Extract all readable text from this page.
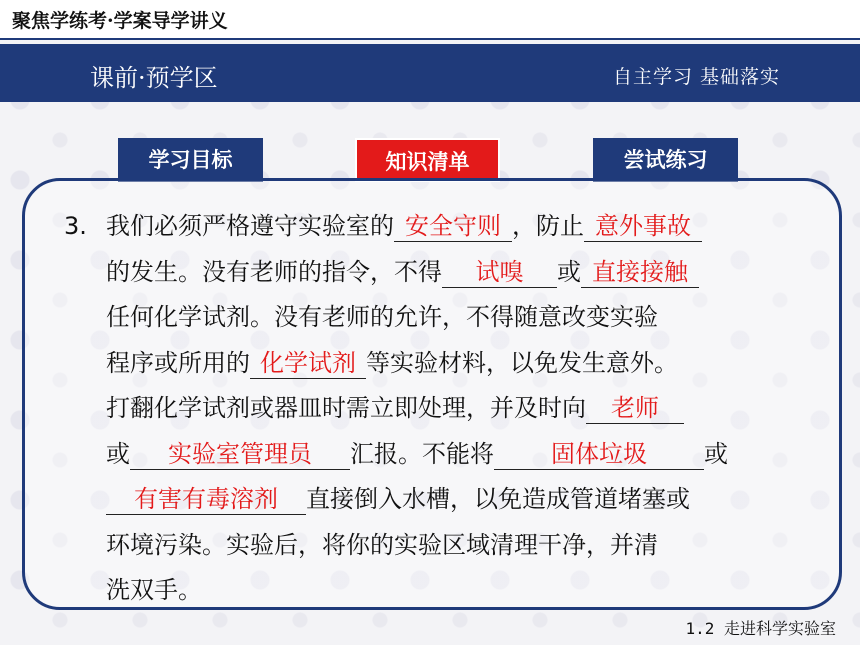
聚焦学练考·学案导学讲义
课前·预学区	自主学习 基础落实
学习目标	知识清单	尝试练习
3. 我们必须严格遵守实验室的 安全守则 ，防止 意外事故
的发生。没有老师的指令，不得 试嗅 或 直接接触
任何化学试剂。没有老师的允许，不得随意改变实验
程序或所用的 化学试剂 等实验材料，以免发生意外。
打翻化学试剂或器皿时需立即处理，并及时向 老师
或 实验室管理员 汇报。不能将 固体垃圾 或
有害有毒溶剂 直接倒入水槽，以免造成管道堵塞或
环境污染。实验后，将你的实验区域清理干净，并清
洗双手。
1.2 走进科学实验室
